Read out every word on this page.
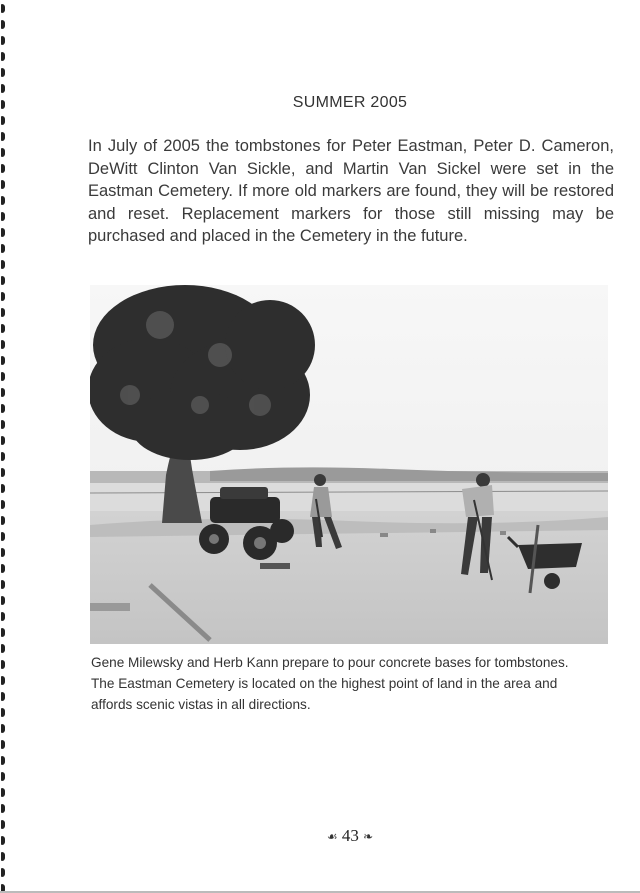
SUMMER 2005
In July of 2005 the tombstones for Peter Eastman, Peter D. Cameron, DeWitt Clinton Van Sickle, and Martin Van Sickel were set in the Eastman Cemetery. If more old markers are found, they will be restored and reset. Replacement markers for those still missing may be purchased and placed in the Cemetery in the future.
Gene Milewsky and Herb Kann prepare to pour concrete bases for tombstones.
The Eastman Cemetery is located on the highest point of land in the area and
affords scenic vistas in all directions.
☙ 43 ❧
